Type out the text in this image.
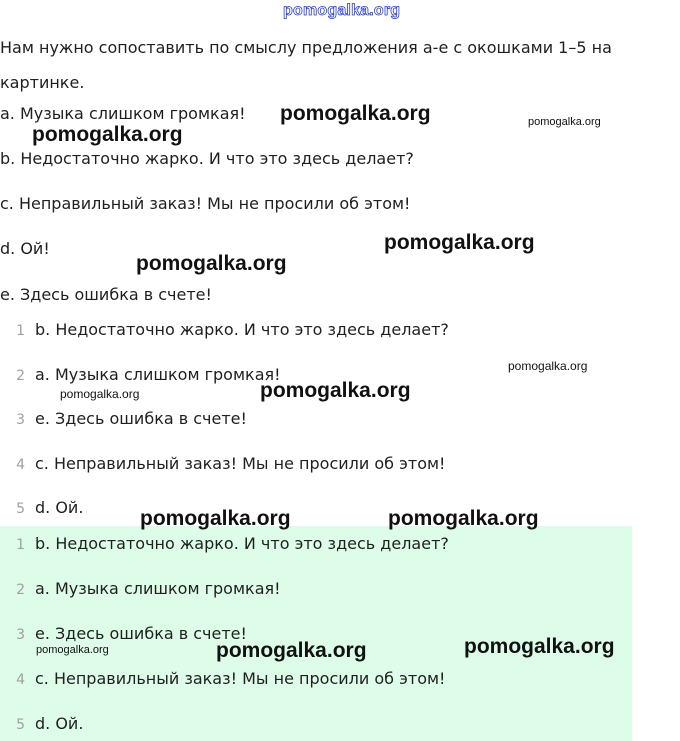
pomogalka.org

Нам нужно сопоставить по смыслу предложения a-e с окошками 1–5 на картинке.

a. Музыка слишком громкая!
b. Недостаточно жарко. И что это здесь делает?
c. Неправильный заказ! Мы не просили об этом!
d. Ой!
e. Здесь ошибка в счете!
1 b. Недостаточно жарко. И что это здесь делает?
2 a. Музыка слишком громкая!
3 e. Здесь ошибка в счете!
4 c. Неправильный заказ! Мы не просили об этом!
5 d. Ой.
1 b. Недостаточно жарко. И что это здесь делает?
2 a. Музыка слишком громкая!
3 e. Здесь ошибка в счете!
4 c. Неправильный заказ! Мы не просили об этом!
5 d. Ой.
pomogalka.org
pomogalka.org
pomogalka.org
pomogalka.org
pomogalka.org
pomogalka.org
pomogalka.org
pomogalka.org
pomogalka.org	pomogalka.org
pomogalka.org	pomogalka.org	pomogalka.org
